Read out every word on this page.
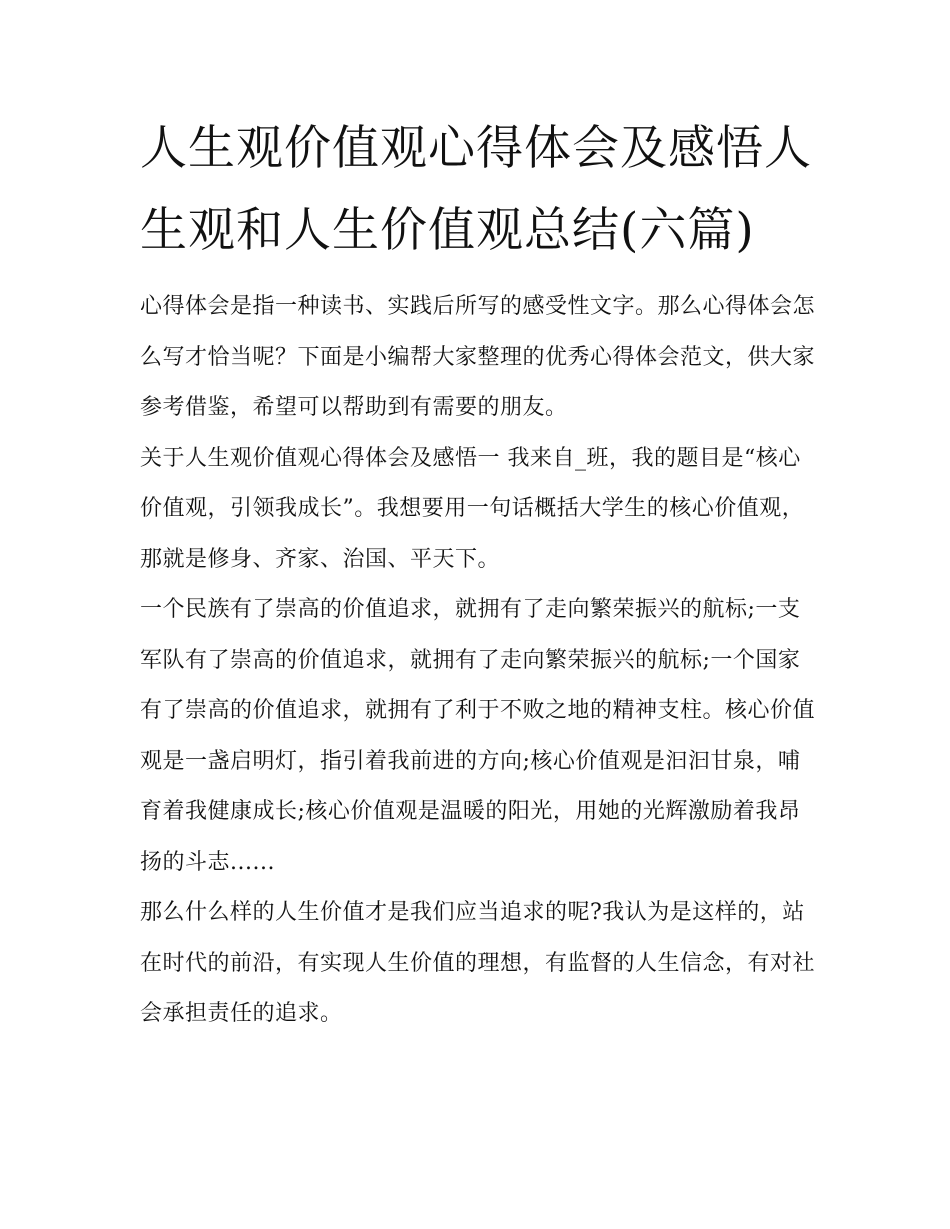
人生观价值观心得体会及感悟人生观和人生价值观总结(六篇)

心得体会是指一种读书、实践后所写的感受性文字。那么心得体会怎么写才恰当呢？下面是小编帮大家整理的优秀心得体会范文，供大家参考借鉴，希望可以帮助到有需要的朋友。

关于人生观价值观心得体会及感悟一 我来自_班，我的题目是“核心价值观，引领我成长”。我想要用一句话概括大学生的核心价值观，那就是修身、齐家、治国、平天下。

一个民族有了崇高的价值追求，就拥有了走向繁荣振兴的航标;一支军队有了崇高的价值追求，就拥有了走向繁荣振兴的航标;一个国家有了崇高的价值追求，就拥有了利于不败之地的精神支柱。核心价值观是一盏启明灯，指引着我前进的方向;核心价值观是汩汩甘泉，哺育着我健康成长;核心价值观是温暖的阳光，用她的光辉激励着我昂扬的斗志......

那么什么样的人生价值才是我们应当追求的呢?我认为是这样的，站在时代的前沿，有实现人生价值的理想，有监督的人生信念，有对社会承担责任的追求。
